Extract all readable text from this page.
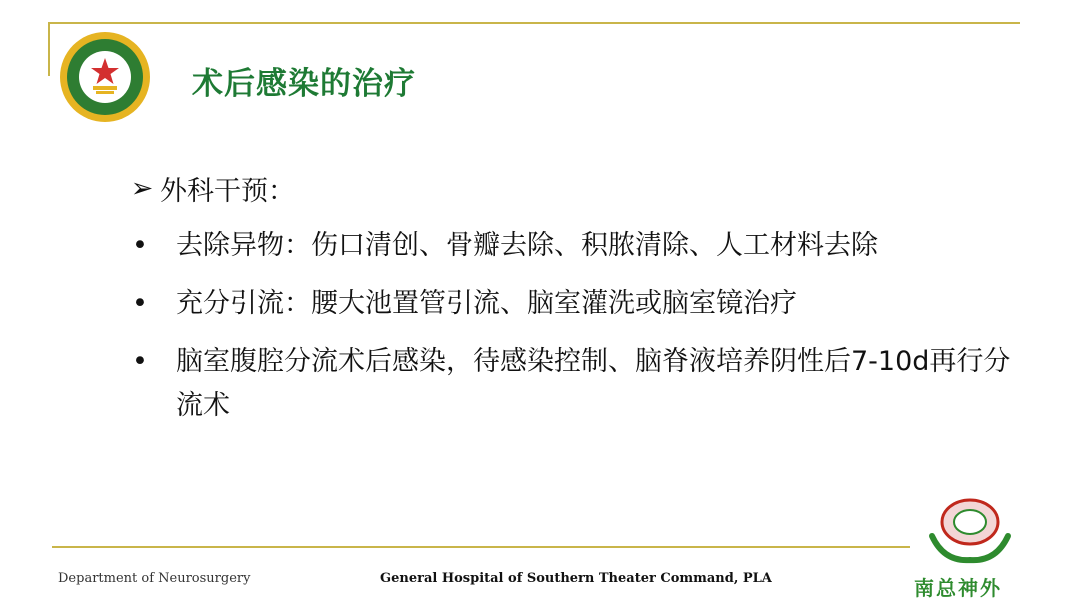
术后感染的治疗
➢ 外科干预：
•	去除异物：伤口清创、骨瓣去除、积脓清除、人工材料去除
•	充分引流：腰大池置管引流、脑室灌洗或脑室镜治疗
•	脑室腹腔分流术后感染，待感染控制、脑脊液培养阴性后7-10d再行分流术
Department of Neurosurgery	General Hospital of Southern Theater Command, PLA	南总神外
